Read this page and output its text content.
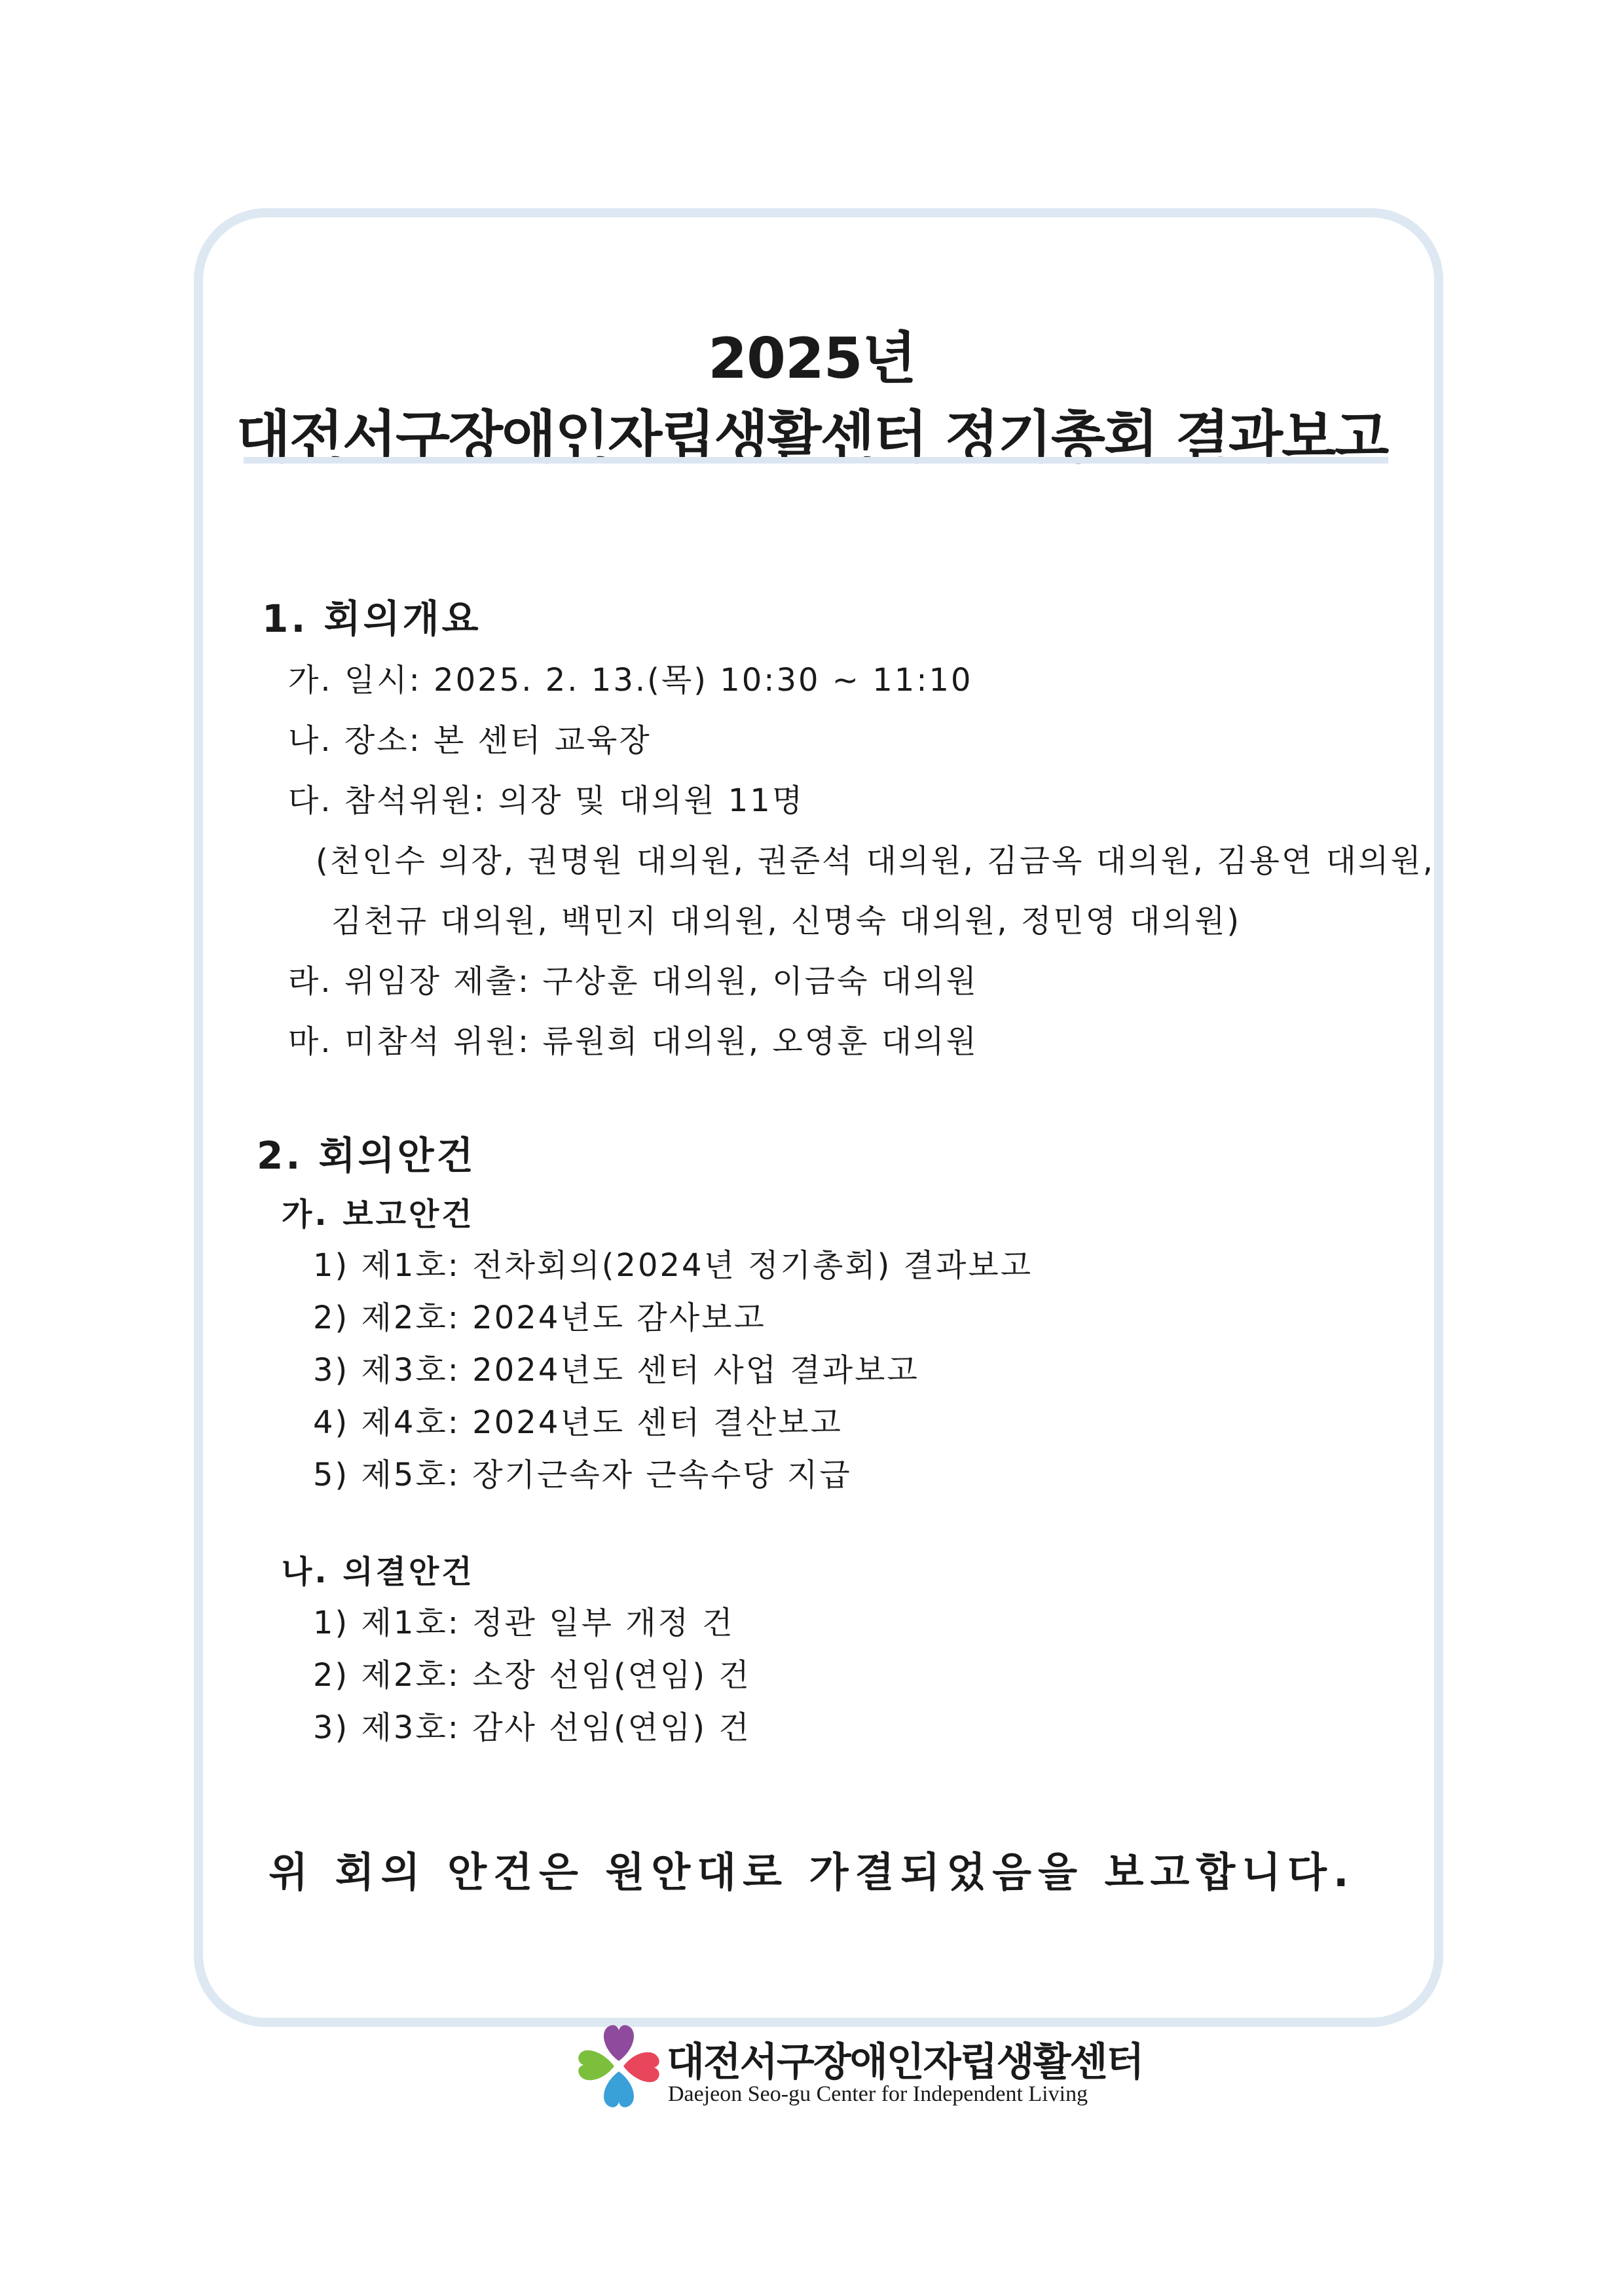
2025년
대전서구장애인자립생활센터 정기총회 결과보고
1. 회의개요
가. 일시: 2025. 2. 13.(목) 10:30 ~ 11:10
나. 장소: 본 센터 교육장
다. 참석위원: 의장 및 대의원 11명
(천인수 의장, 권명원 대의원, 권준석 대의원, 김금옥 대의원, 김용연 대의원,
김천규 대의원, 백민지 대의원, 신명숙 대의원, 정민영 대의원)
라. 위임장 제출: 구상훈 대의원, 이금숙 대의원
마. 미참석 위원: 류원희 대의원, 오영훈 대의원
2. 회의안건
가. 보고안건
1) 제1호: 전차회의(2024년 정기총회) 결과보고
2) 제2호: 2024년도 감사보고
3) 제3호: 2024년도 센터 사업 결과보고
4) 제4호: 2024년도 센터 결산보고
5) 제5호: 장기근속자 근속수당 지급
나. 의결안건
1) 제1호: 정관 일부 개정 건
2) 제2호: 소장 선임(연임) 건
3) 제3호: 감사 선임(연임) 건
위 회의 안건은 원안대로 가결되었음을 보고합니다.
대전서구장애인자립생활센터
Daejeon Seo-gu Center for Independent Living
